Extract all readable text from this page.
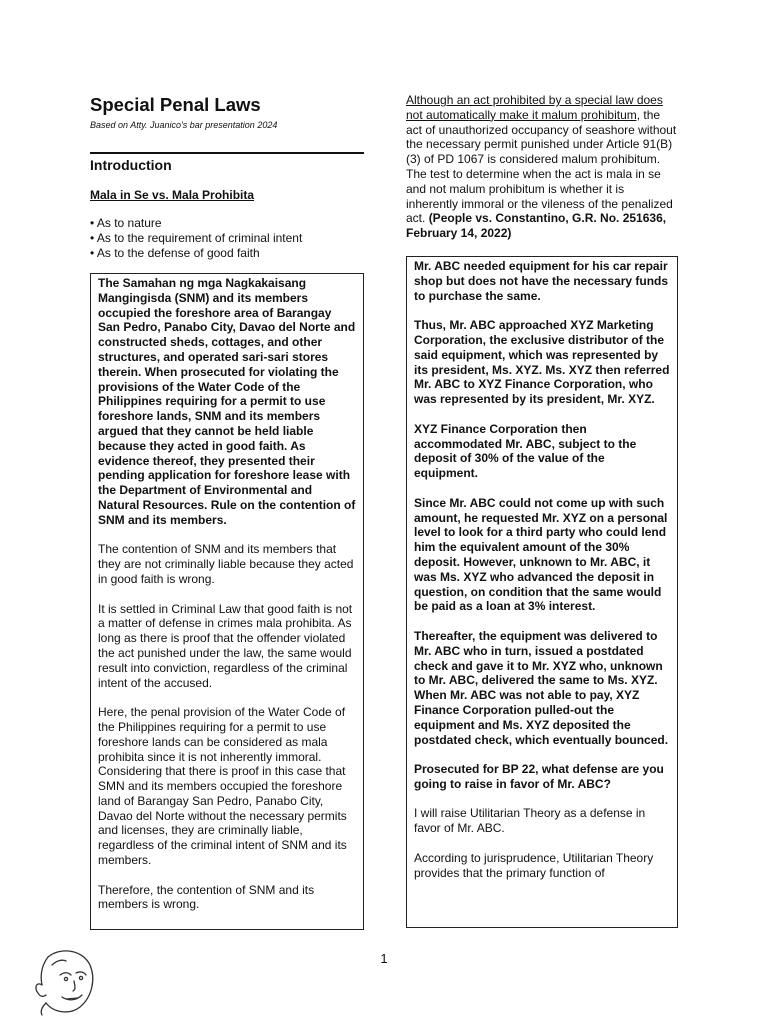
Special Penal Laws

Based on Atty. Juanico's bar presentation 2024

Introduction
Mala in Se vs. Mala Prohibita
• As to nature
• As to the requirement of criminal intent
• As to the defense of good faith

The Samahan ng mga Nagkakaisang Mangingisda (SNM) and its members occupied the foreshore area of Barangay San Pedro, Panabo City, Davao del Norte and constructed sheds, cottages, and other structures, and operated sari-sari stores therein. When prosecuted for violating the provisions of the Water Code of the Philippines requiring for a permit to use foreshore lands, SNM and its members argued that they cannot be held liable because they acted in good faith. As evidence thereof, they presented their pending application for foreshore lease with the Department of Environmental and Natural Resources. Rule on the contention of SNM and its members.

The contention of SNM and its members that they are not criminally liable because they acted in good faith is wrong.

It is settled in Criminal Law that good faith is not a matter of defense in crimes mala prohibita. As long as there is proof that the offender violated the act punished under the law, the same would result into conviction, regardless of the criminal intent of the accused.

Here, the penal provision of the Water Code of the Philippines requiring for a permit to use foreshore lands can be considered as mala prohibita since it is not inherently immoral. Considering that there is proof in this case that SMN and its members occupied the foreshore land of Barangay San Pedro, Panabo City, Davao del Norte without the necessary permits and licenses, they are criminally liable, regardless of the criminal intent of SNM and its members.

Therefore, the contention of SNM and its members is wrong.

Although an act prohibited by a special law does not automatically make it malum prohibitum, the act of unauthorized occupancy of seashore without the necessary permit punished under Article 91(B)(3) of PD 1067 is considered malum prohibitum. The test to determine when the act is mala in se and not malum prohibitum is whether it is inherently immoral or the vileness of the penalized act. (People vs. Constantino, G.R. No. 251636, February 14, 2022)

Mr. ABC needed equipment for his car repair shop but does not have the necessary funds to purchase the same.

Thus, Mr. ABC approached XYZ Marketing Corporation, the exclusive distributor of the said equipment, which was represented by its president, Ms. XYZ. Ms. XYZ then referred Mr. ABC to XYZ Finance Corporation, who was represented by its president, Mr. XYZ.

XYZ Finance Corporation then accommodated Mr. ABC, subject to the deposit of 30% of the value of the equipment.

Since Mr. ABC could not come up with such amount, he requested Mr. XYZ on a personal level to look for a third party who could lend him the equivalent amount of the 30% deposit. However, unknown to Mr. ABC, it was Ms. XYZ who advanced the deposit in question, on condition that the same would be paid as a loan at 3% interest.

Thereafter, the equipment was delivered to Mr. ABC who in turn, issued a postdated check and gave it to Mr. XYZ who, unknown to Mr. ABC, delivered the same to Ms. XYZ. When Mr. ABC was not able to pay, XYZ Finance Corporation pulled-out the equipment and Ms. XYZ deposited the postdated check, which eventually bounced.

Prosecuted for BP 22, what defense are you going to raise in favor of Mr. ABC?

I will raise Utilitarian Theory as a defense in favor of Mr. ABC.

According to jurisprudence, Utilitarian Theory provides that the primary function of

1
